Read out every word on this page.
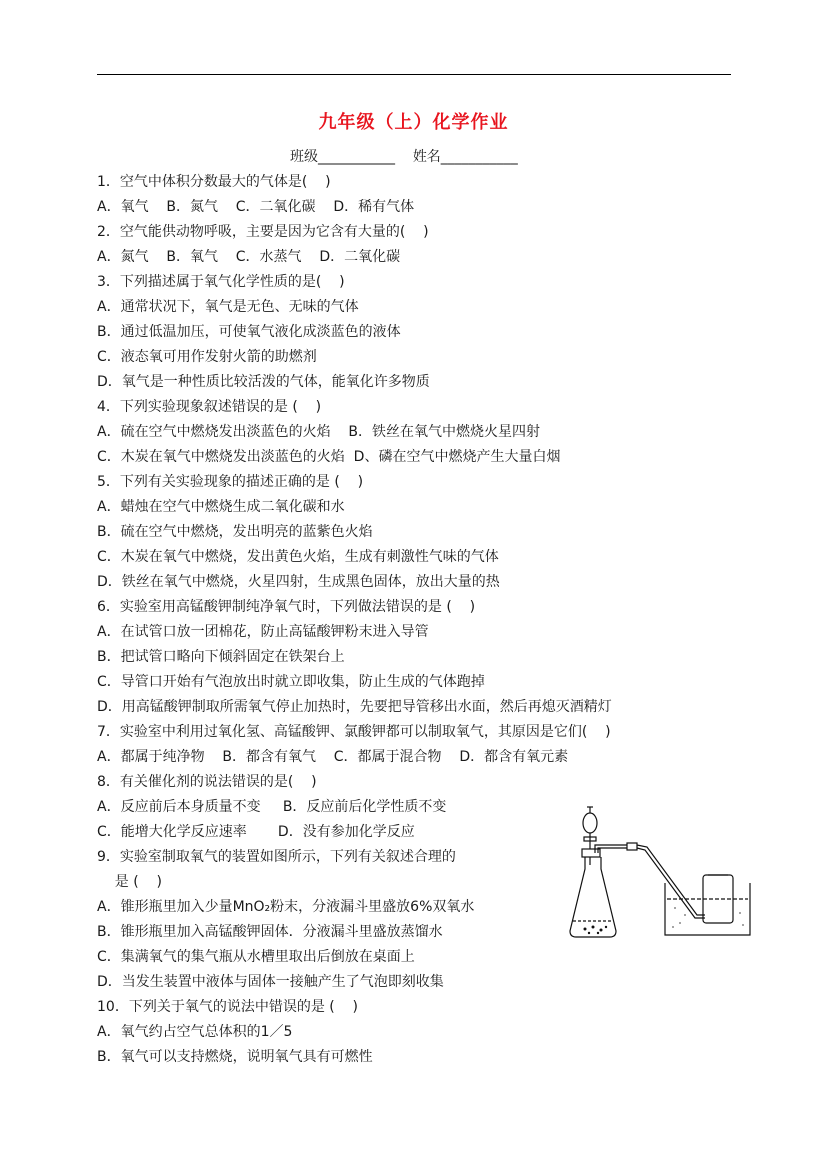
九年级（上）化学作业
班级___________ 姓名___________
1．空气中体积分数最大的气体是(    )
A．氧气    B．氮气    C．二氧化碳    D．稀有气体
2．空气能供动物呼吸，主要是因为它含有大量的(    )
A．氮气    B．氧气    C．水蒸气    D．二氧化碳
3．下列描述属于氧气化学性质的是(    )
A．通常状况下，氧气是无色、无味的气体
B．通过低温加压，可使氧气液化成淡蓝色的液体
C．液态氧可用作发射火箭的助燃剂
D．氧气是一种性质比较活泼的气体，能氧化许多物质
4．下列实验现象叙述错误的是 (    )
A．硫在空气中燃烧发出淡蓝色的火焰    B．铁丝在氧气中燃烧火星四射
C．木炭在氧气中燃烧发出淡蓝色的火焰  D、磷在空气中燃烧产生大量白烟
5．下列有关实验现象的描述正确的是 (    )
A．蜡烛在空气中燃烧生成二氧化碳和水
B．硫在空气中燃烧，发出明亮的蓝紫色火焰
C．木炭在氧气中燃烧，发出黄色火焰，生成有刺激性气味的气体
D．铁丝在氧气中燃烧，火星四射，生成黑色固体，放出大量的热
6．实验室用高锰酸钾制纯净氧气时，下列做法错误的是 (    )
A．在试管口放一团棉花，防止高锰酸钾粉末进入导管
B．把试管口略向下倾斜固定在铁架台上
C．导管口开始有气泡放出时就立即收集，防止生成的气体跑掉
D．用高锰酸钾制取所需氧气停止加热时，先要把导管移出水面，然后再熄灭酒精灯
7．实验室中利用过氧化氢、高锰酸钾、氯酸钾都可以制取氧气，其原因是它们(    )
A．都属于纯净物    B．都含有氧气    C．都属于混合物    D．都含有氧元素
8．有关催化剂的说法错误的是(    )
A．反应前后本身质量不变     B．反应前后化学性质不变
C．能增大化学反应速率       D．没有参加化学反应
9．实验室制取氧气的装置如图所示，下列有关叙述合理的
是 (    )
A．锥形瓶里加入少量MnO₂粉末，分液漏斗里盛放6%双氧水
B．锥形瓶里加入高锰酸钾固体．分液漏斗里盛放蒸馏水
C．集满氧气的集气瓶从水槽里取出后倒放在桌面上
D．当发生装置中液体与固体一接触产生了气泡即刻收集
10．下列关于氧气的说法中错误的是 (    )
A．氧气约占空气总体积的1／5
B．氧气可以支持燃烧，说明氧气具有可燃性
